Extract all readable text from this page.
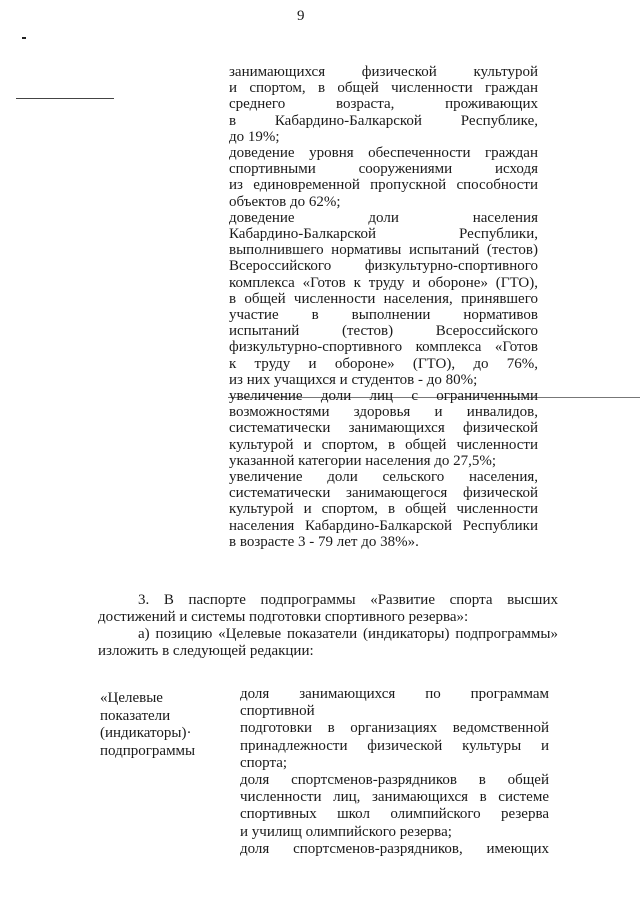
9
занимающихся физической культурой
и спортом, в общей численности граждан
среднего возраста, проживающих
в Кабардино-Балкарской Республике,
до 19%;
доведение уровня обеспеченности граждан
спортивными сооружениями исходя
из единовременной пропускной способности
объектов до 62%;
доведение доли населения
Кабардино-Балкарской Республики,
выполнившего нормативы испытаний (тестов)
Всероссийского физкультурно-спортивного
комплекса «Готов к труду и обороне» (ГТО),
в общей численности населения, принявшего
участие в выполнении нормативов
испытаний (тестов) Всероссийского
физкультурно-спортивного комплекса «Готов
к труду и обороне» (ГТО), до 76%,
из них учащихся и студентов - до 80%;
увеличение доли лиц с ограниченными
возможностями здоровья и инвалидов,
систематически занимающихся физической
культурой и спортом, в общей численности
указанной категории населения до 27,5%;
увеличение доли сельского населения,
систематически занимающегося физической
культурой и спортом, в общей численности
населения Кабардино-Балкарской Республики
в возрасте 3 - 79 лет до 38%».
3. В паспорте подпрограммы «Развитие спорта высших
достижений и системы подготовки спортивного резерва»:
а) позицию «Целевые показатели (индикаторы) подпрограммы»
изложить в следующей редакции:
«Целевые
показатели
(индикаторы)·
подпрограммы
доля занимающихся по программам спортивной
подготовки в организациях ведомственной
принадлежности физической культуры и спорта;
доля спортсменов-разрядников в общей
численности лиц, занимающихся в системе
спортивных школ олимпийского резерва
и училищ олимпийского резерва;
доля спортсменов-разрядников, имеющих
